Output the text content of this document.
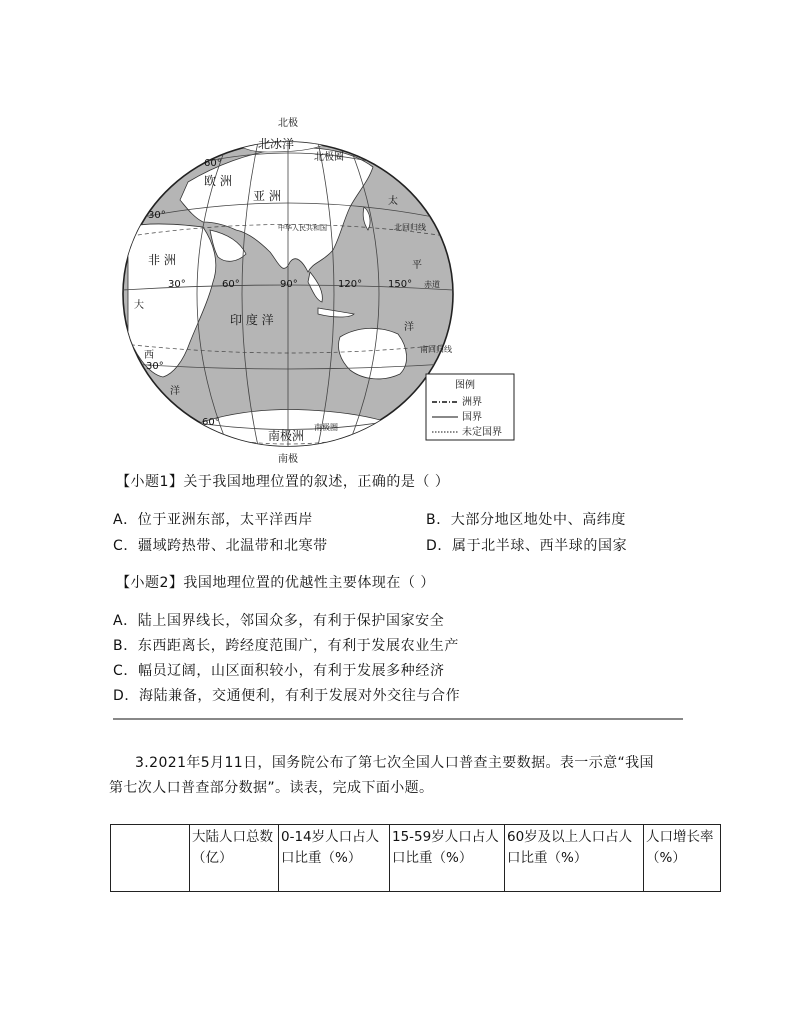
北极
北冰洋
北极圈
60°
欧 洲
亚 洲	太
30°
中华人民共和国	北回归线
非 洲	平
30°	60°	90°	120°	150° 赤道
大
印 度 洋
洋
南回归线
西
30°
洋
60°	南极圈
南极洲
南极
图例
洲界
国界
未定国界
【小题1】关于我国地理位置的叙述，正确的是（ ）
A．位于亚洲东部，太平洋西岸	B．大部分地区地处中、高纬度
C．疆域跨热带、北温带和北寒带	D．属于北半球、西半球的国家
【小题2】我国地理位置的优越性主要体现在（ ）
A．陆上国界线长，邻国众多，有利于保护国家安全
B．东西距离长，跨经度范围广，有利于发展农业生产
C．幅员辽阔，山区面积较小，有利于发展多种经济
D．海陆兼备，交通便利，有利于发展对外交往与合作
3.2021年5月11日，国务院公布了第七次全国人口普查主要数据。表一示意“我国
第七次人口普查部分数据”。读表，完成下面小题。
	大陆人口总数（亿）	0-14岁人口占人口比重（%）	15-59岁人口占人口比重（%）	60岁及以上人口占人口比重（%）	人口增长率（%）
